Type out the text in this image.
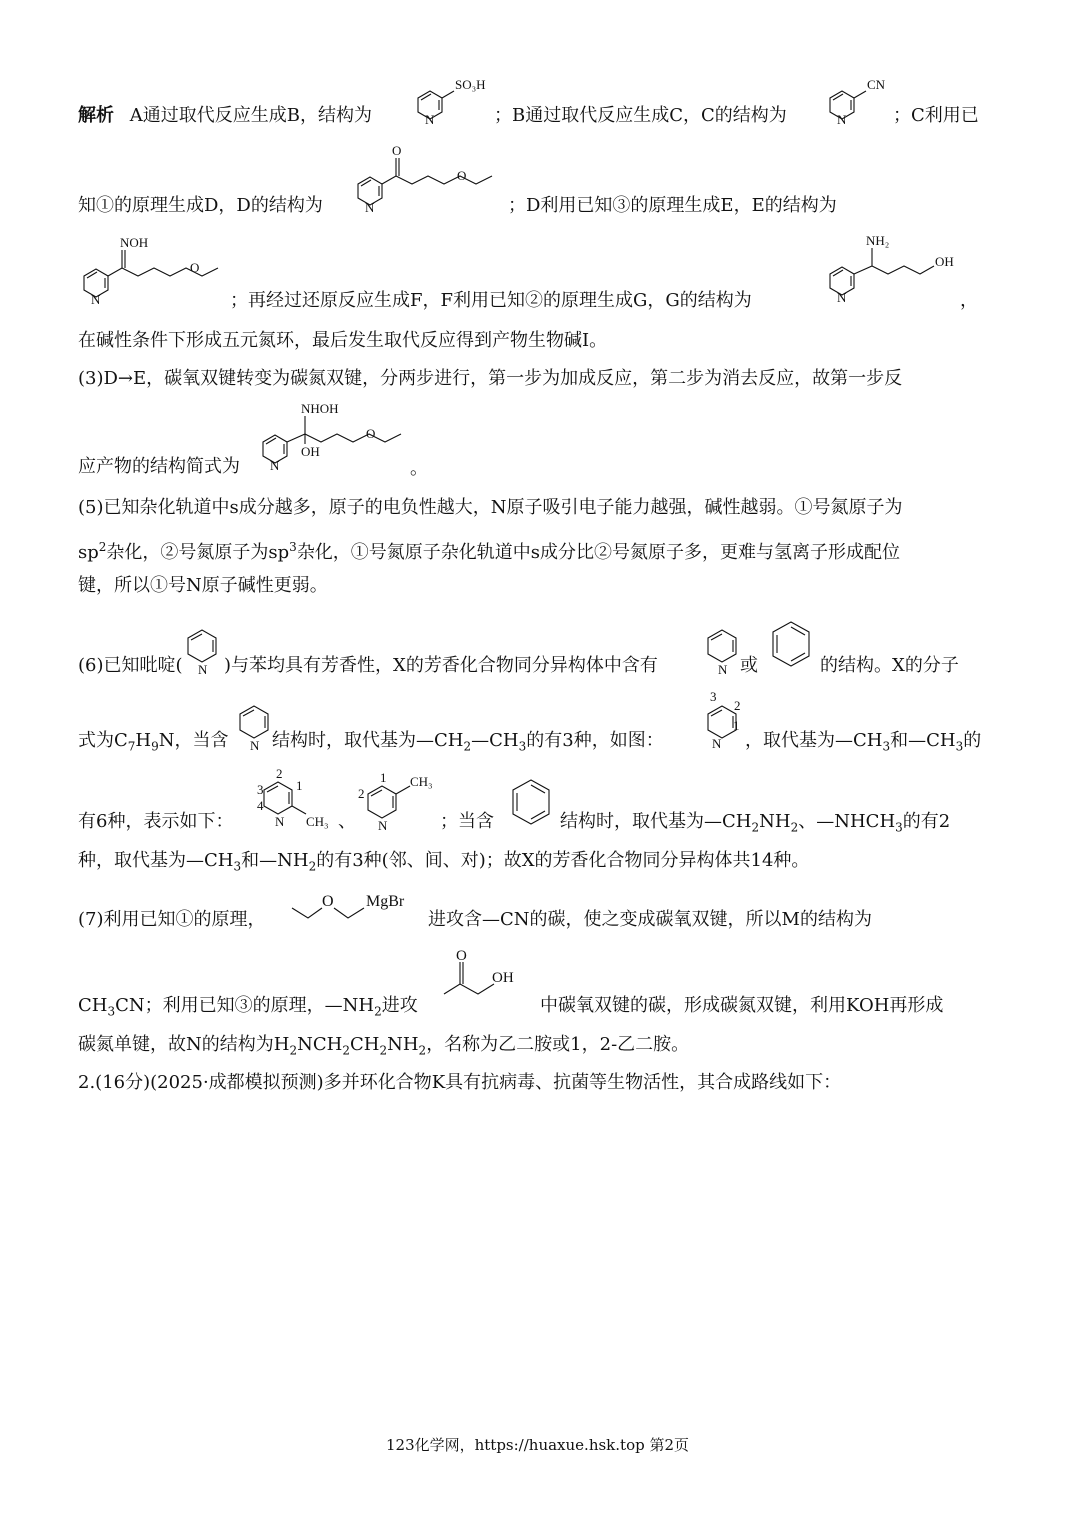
解析 A通过取代反应生成B，结构为
SO₃H
N	；B通过取代反应生成C，C的结构为
CN
N	；C利用已
知①的原理生成D，D的结构为
O
O
N	；D利用已知③的原理生成E，E的结构为
NOH
O
N	；再经过还原反应生成F，F利用已知②的原理生成G，G的结构为
NH₂
OH
N	，
在碱性条件下形成五元氮环，最后发生取代反应得到产物生物碱I。
(3)D→E，碳氧双键转变为碳氮双键，分两步进行，第一步为加成反应，第二步为消去反应，故第一步反
应产物的结构简式为
NHOH
OH
O
N	。
(5)已知杂化轨道中s成分越多，原子的电负性越大，N原子吸引电子能力越强，碱性越弱。①号氮原子为
$sp^2$杂化，②号氮原子为$sp^3$杂化，①号氮原子杂化轨道中s成分比②号氮原子多，更难与氢离子形成配位
键，所以①号N原子碱性更弱。
(6)已知吡啶( N )与苯均具有芳香性，X的芳香化合物同分异构体中含有	N 或	的结构。X的分子
式为$C_7H_9N$，当含 N 结构时，取代基为$—CH_2—CH_3$的有3种，如图：
3
2
1
N ，取代基为$—CH_3$和$—CH_3$的
有6种，表示如下：
3
2
1
4
N CH₃ 、
1
2
CH₃
N	；当含	结构时，取代基为$—CH_2NH_2$、$—NHCH_3$的有2
种，取代基为$—CH_3$和$—NH_2$的有3种(邻、间、对)；故X的芳香化合物同分异构体共14种。
(7)利用已知①的原理，
O MgBr
进攻含—CN的碳，使之变成碳氧双键，所以M的结构为
$CH_3CN$；利用已知③的原理，$—NH_2$进攻
O
OH
中碳氧双键的碳，形成碳氮双键，利用KOH再形成
碳氮单键，故N的结构为$H_2NCH_2CH_2NH_2$，名称为乙二胺或1，2-乙二胺。
2.(16分)(2025·成都模拟预测)多并环化合物K具有抗病毒、抗菌等生物活性，其合成路线如下：
123化学网，https://huaxue.hsk.top 第2页
